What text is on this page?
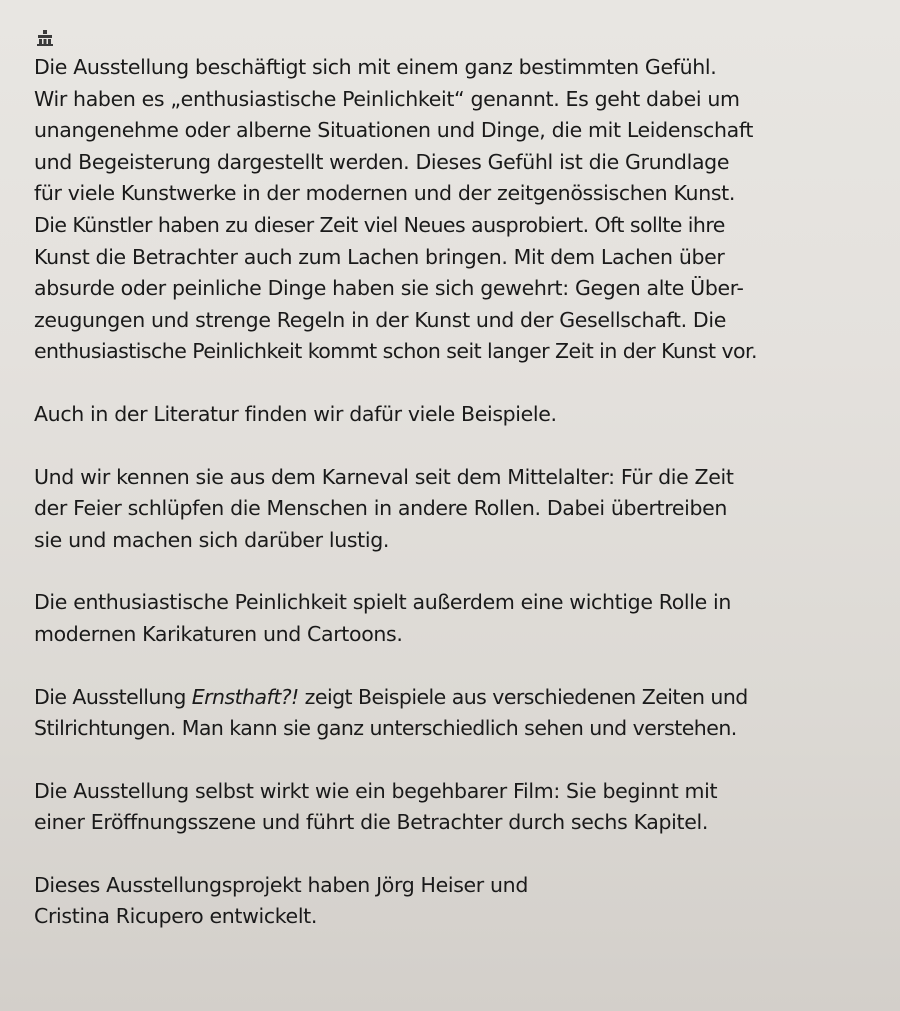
Die Ausstellung beschäftigt sich mit einem ganz bestimmten Gefühl.
Wir haben es „enthusiastische Peinlichkeit“ genannt. Es geht dabei um
unangenehme oder alberne Situationen und Dinge, die mit Leidenschaft
und Begeisterung dargestellt werden. Dieses Gefühl ist die Grundlage
für viele Kunstwerke in der modernen und der zeitgenössischen Kunst.
Die Künstler haben zu dieser Zeit viel Neues ausprobiert. Oft sollte ihre
Kunst die Betrachter auch zum Lachen bringen. Mit dem Lachen über
absurde oder peinliche Dinge haben sie sich gewehrt: Gegen alte Über-
zeugungen und strenge Regeln in der Kunst und der Gesellschaft. Die
enthusiastische Peinlichkeit kommt schon seit langer Zeit in der Kunst vor.

Auch in der Literatur finden wir dafür viele Beispiele.

Und wir kennen sie aus dem Karneval seit dem Mittelalter: Für die Zeit
der Feier schlüpfen die Menschen in andere Rollen. Dabei übertreiben
sie und machen sich darüber lustig.

Die enthusiastische Peinlichkeit spielt außerdem eine wichtige Rolle in
modernen Karikaturen und Cartoons.

Die Ausstellung Ernsthaft?! zeigt Beispiele aus verschiedenen Zeiten und
Stilrichtungen. Man kann sie ganz unterschiedlich sehen und verstehen.

Die Ausstellung selbst wirkt wie ein begehbarer Film: Sie beginnt mit
einer Eröffnungsszene und führt die Betrachter durch sechs Kapitel.

Dieses Ausstellungsprojekt haben Jörg Heiser und
Cristina Ricupero entwickelt.
